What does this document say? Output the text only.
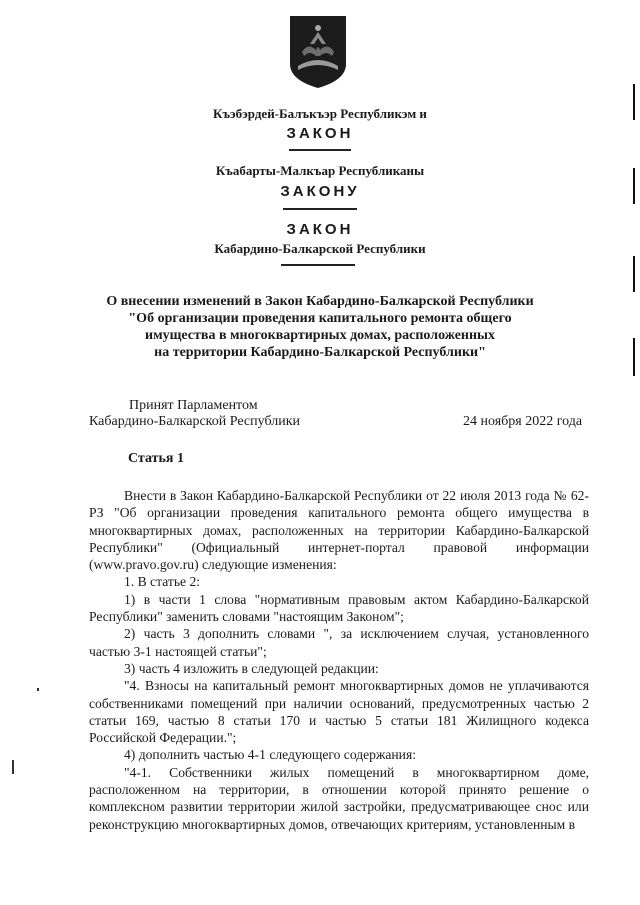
Къэбэрдей-Балъкъэр Республикэм и
ЗАКОН
Къабарты-Малкъар Республиканы
ЗАКОНУ
ЗАКОН
Кабардино-Балкарской Республики
О внесении изменений в Закон Кабардино-Балкарской Республики
"Об организации проведения капитального ремонта общего
имущества в многоквартирных домах, расположенных
на территории Кабардино-Балкарской Республики"
Принят Парламентом
Кабардино-Балкарской Республики	24 ноября 2022 года
Статья 1

Внести в Закон Кабардино-Балкарской Республики от 22 июля 2013 года № 62-РЗ "Об организации проведения капитального ремонта общего имущества в многоквартирных домах, расположенных на территории Кабардино-Балкарской Республики" (Официальный интернет-портал правовой информации (www.pravo.gov.ru) следующие изменения:

1. В статье 2:

1) в части 1 слова "нормативным правовым актом Кабардино-Балкарской Республики" заменить словами "настоящим Законом";

2) часть 3 дополнить словами ", за исключением случая, установленного частью 3-1 настоящей статьи";

3) часть 4 изложить в следующей редакции:

"4. Взносы на капитальный ремонт многоквартирных домов не уплачиваются собственниками помещений при наличии оснований, предусмотренных частью 2 статьи 169, частью 8 статьи 170 и частью 5 статьи 181 Жилищного кодекса Российской Федерации.";

4) дополнить частью 4-1 следующего содержания:

"4-1. Собственники жилых помещений в многоквартирном доме, расположенном на территории, в отношении которой принято решение о комплексном развитии территории жилой застройки, предусматривающее снос или реконструкцию многоквартирных домов, отвечающих критериям, установленным в
